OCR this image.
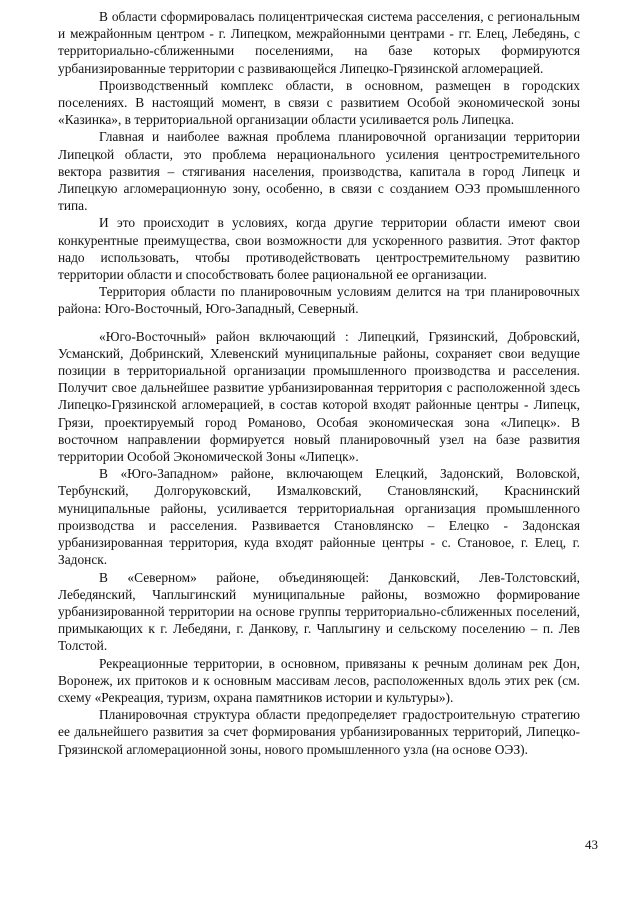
В области сформировалась полицентрическая система расселения, с региональным и межрайонным центром - г. Липецком, межрайонными центрами - гг. Елец, Лебедянь, с территориально-сближенными поселениями, на базе которых формируются урбанизированные территории с развивающейся Липецко-Грязинской агломерацией.

Производственный комплекс области, в основном, размещен в городских поселениях. В настоящий момент, в связи с развитием Особой экономической зоны «Казинка», в территориальной организации области усиливается роль Липецка.

Главная и наиболее важная проблема планировочной организации территории Липецкой области, это проблема нерационального усиления центростремительного вектора развития – стягивания населения, производства, капитала в город Липецк и Липецкую агломерационную зону, особенно, в связи с созданием ОЭЗ промышленного типа.

И это происходит в условиях, когда другие территории области имеют свои конкурентные преимущества, свои возможности для ускоренного развития. Этот фактор надо использовать, чтобы противодействовать центростремительному развитию территории области и способствовать более рациональной ее организации.

Территория области по планировочным условиям делится на три планировочных района: Юго-Восточный, Юго-Западный, Северный.

«Юго-Восточный» район включающий : Липецкий, Грязинский, Добровский, Усманский, Добринский, Хлевенский муниципальные районы, сохраняет свои ведущие позиции в территориальной организации промышленного производства и расселения. Получит свое дальнейшее развитие урбанизированная территория с расположенной здесь Липецко-Грязинской агломерацией, в состав которой входят районные центры - Липецк, Грязи, проектируемый город Романово, Особая экономическая зона «Липецк». В восточном направлении формируется новый планировочный узел на базе развития территории Особой Экономической Зоны «Липецк».

В «Юго-Западном» районе, включающем Елецкий, Задонский, Воловской, Тербунский, Долгоруковский, Измалковский, Становлянский, Краснинский муниципальные районы, усиливается территориальная организация промышленного производства и расселения. Развивается Становлянско – Елецко - Задонская урбанизированная территория, куда входят районные центры - с. Становое, г. Елец, г. Задонск.

В «Северном» районе, объединяющей: Данковский, Лев-Толстовский, Лебедянский, Чаплыгинский муниципальные районы, возможно формирование урбанизированной территории на основе группы территориально-сближенных поселений, примыкающих к г. Лебедяни, г. Данкову, г. Чаплыгину и сельскому поселению – п. Лев Толстой.

Рекреационные территории, в основном, привязаны к речным долинам рек Дон, Воронеж, их притоков и к основным массивам лесов, расположенных вдоль этих рек (см. схему «Рекреация, туризм, охрана памятников истории и культуры»).

Планировочная структура области предопределяет градостроительную стратегию ее дальнейшего развития за счет формирования урбанизированных территорий, Липецко-Грязинской агломерационной зоны, нового промышленного узла (на основе ОЭЗ).

43
